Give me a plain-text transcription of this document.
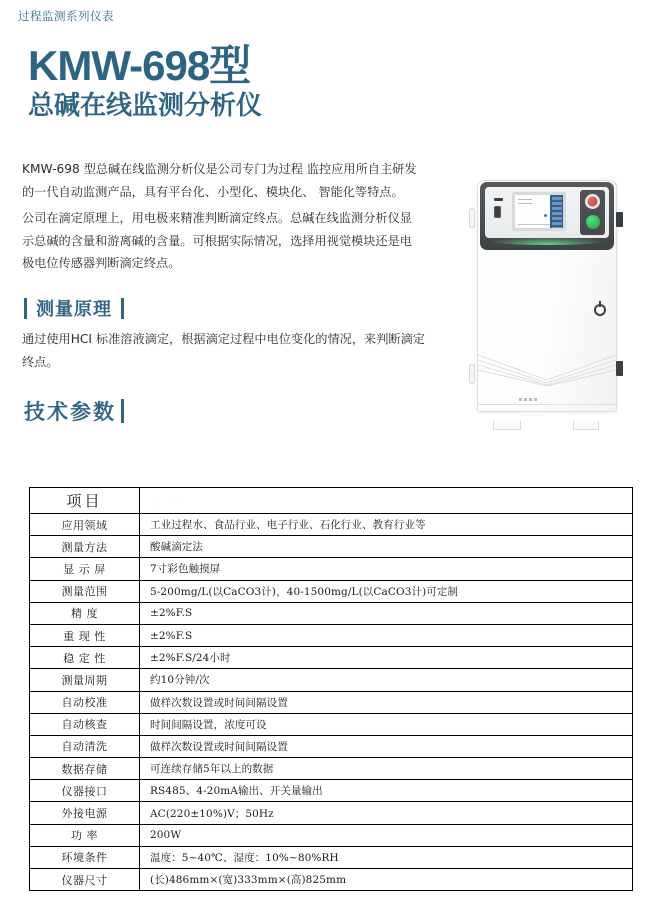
过程监测系列仪表
KMW-698型
总碱在线监测分析仪

KMW-698 型总碱在线监测分析仪是公司专门为过程 监控应用所自主研发的一代自动监测产品，具有平台化、小型化、模块化、 智能化等特点。

公司在滴定原理上，用电极来精准判断滴定终点。总碱在线监测分析仪显示总碱的含量和游离碱的含量。可根据实际情况，选择用视觉模块还是电极电位传感器判断滴定终点。

测量原理
通过使用HCI 标准溶液滴定，根据滴定过程中电位变化的情况，来判断滴定终点。
技术参数
项目	参 数
应用领域	工业过程水、食品行业、电子行业、石化行业、教育行业等
测量方法	酸碱滴定法
显 示 屏	7寸彩色触摸屏
测量范围	5-200mg/L(以CaCO3计)，40-1500mg/L(以CaCO3计)可定制
精 度	±2%F.S
重 现 性	±2%F.S
稳 定 性	±2%F.S/24小时
测量周期	约10分钟/次
自动校准	做样次数设置或时间间隔设置
自动核查	时间间隔设置，浓度可设
自动清洗	做样次数设置或时间间隔设置
数据存储	可连续存储5年以上的数据
仪器接口	RS485、4-20mA输出、开关量输出
外接电源	AC(220±10%)V；50Hz
功 率	200W
环境条件	温度：5~40℃、湿度：10%~80%RH
仪器尺寸	(长)486mm×(宽)333mm×(高)825mm
